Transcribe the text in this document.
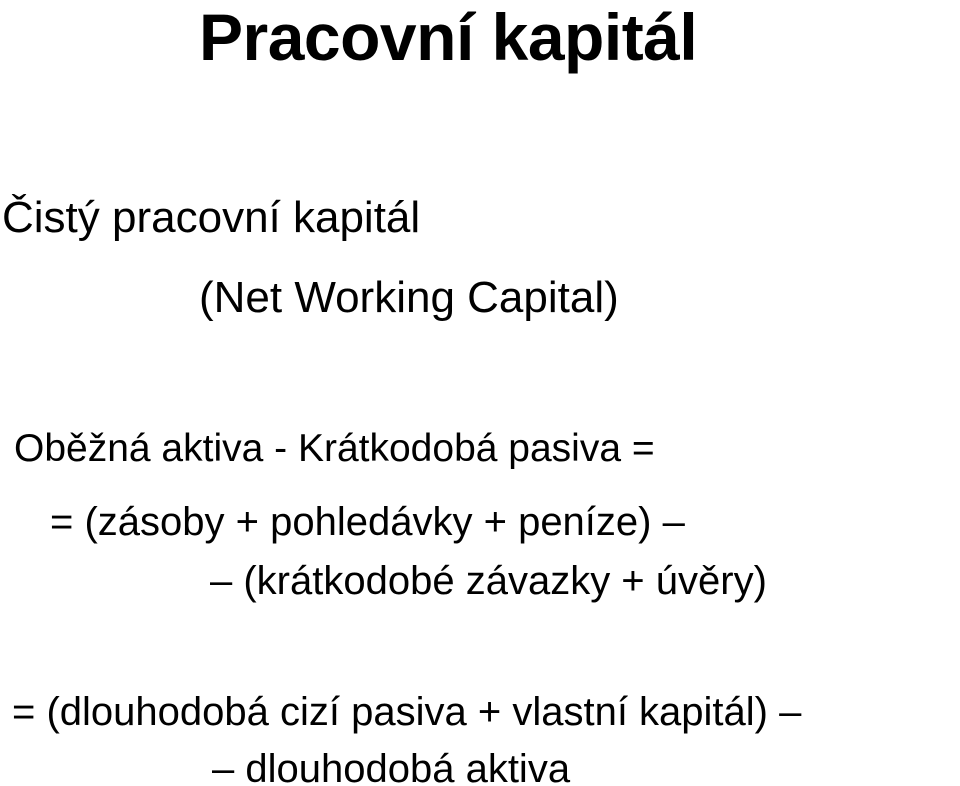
Pracovní kapitál
Čistý pracovní kapitál
(Net Working Capital)
Oběžná aktiva - Krátkodobá pasiva =
= (zásoby + pohledávky + peníze) –
– (krátkodobé závazky + úvěry)
= (dlouhodobá cizí pasiva + vlastní kapitál) –
– dlouhodobá aktiva
